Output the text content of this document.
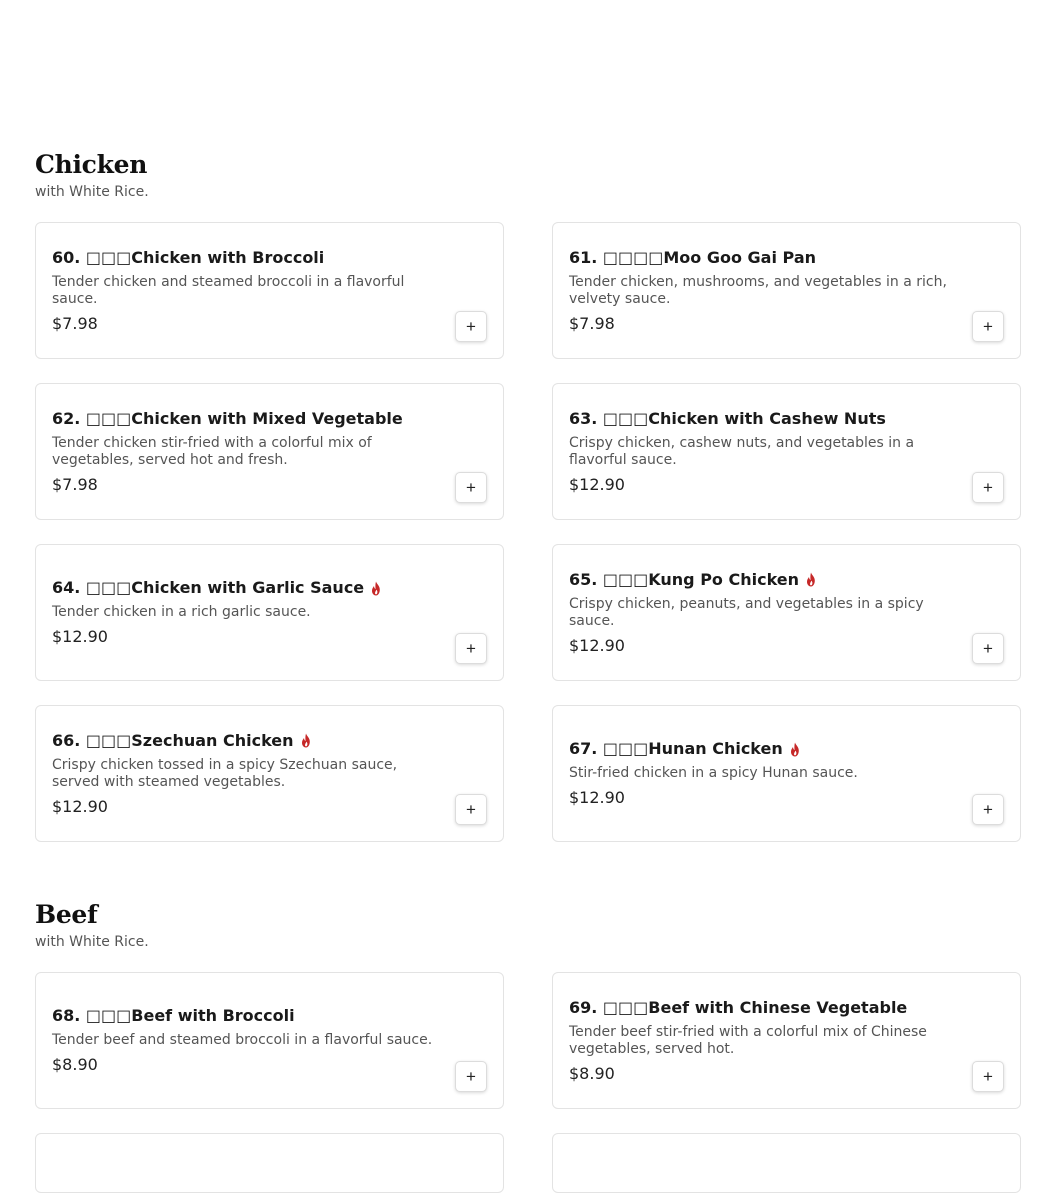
Chicken
with White Rice.
60. □□□Chicken with Broccoli
Tender chicken and steamed broccoli in a flavorful sauce.
$7.98	+
61. □□□□Moo Goo Gai Pan
Tender chicken, mushrooms, and vegetables in a rich, velvety sauce.
$7.98	+
62. □□□Chicken with Mixed Vegetable
Tender chicken stir-fried with a colorful mix of vegetables, served hot and fresh.
$7.98	+
63. □□□Chicken with Cashew Nuts
Crispy chicken, cashew nuts, and vegetables in a flavorful sauce.
$12.90	+
64. □□□Chicken with Garlic Sauce
Tender chicken in a rich garlic sauce.
$12.90
+
65. □□□Kung Po Chicken
Crispy chicken, peanuts, and vegetables in a spicy sauce.
$12.90	+
66. □□□Szechuan Chicken
Crispy chicken tossed in a spicy Szechuan sauce, served with steamed vegetables.
$12.90	+
67. □□□Hunan Chicken
Stir-fried chicken in a spicy Hunan sauce.
$12.90
+
Beef
with White Rice.
68. □□□Beef with Broccoli
Tender beef and steamed broccoli in a flavorful sauce.
$8.90
+
69. □□□Beef with Chinese Vegetable
Tender beef stir-fried with a colorful mix of Chinese vegetables, served hot.
$8.90	+
